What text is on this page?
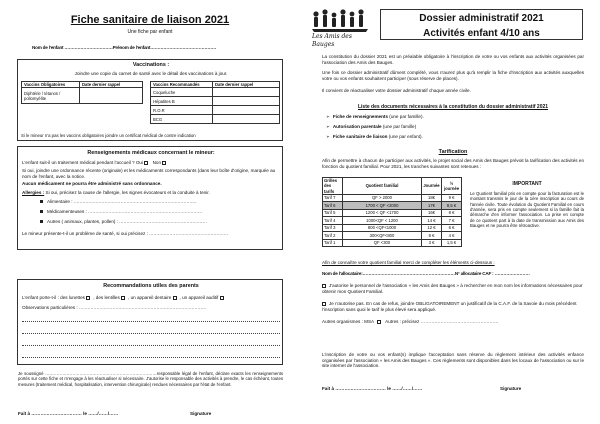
Fiche sanitaire de liaison 2021
Une fiche par enfant
Nom de l'enfant ……………………………Prénom de l'enfant………………………………………
Vaccinations :
Joindre une copie du carnet de santé avec le détail des vaccinations à jour.
Vaccins Obligatoires	Date dernier rappel
Diphtérie / tétanos / poliomyélite	
Vaccins Recommandés	Date dernier rappel
Coqueluche	
Hépatites B	
R.O.R	
BCG	
Si le mineur n'a pas les vaccins obligatoires joindre un certificat médical de contre indication
Renseignements médicaux concernant le mineur:
L'enfant suit-il un traitement médical pendant l'accueil ? Oui Non
Si oui, joindre une ordonnance récente (originale) et les médicaments correspondants (dans leur boîte d'origine, marquée au nom de l'enfant, avec la notice.
Aucun médicament ne pourra être administré sans ordonnance.
Allergies : Si oui, précisez la cause de l'allergie, les signes évocateurs et la conduite à tenir.
Alimentaire : …………………………………………………………………………
Médicamenteuses : ……………………………………………………………………
Autres ( animaux, plantes, pollen) : ……………………………………………………
Le mineur présente-t-il un problème de santé, si oui précisez : ………………………………………………
Recommandations utiles des parents
L'enfant porte-t-il : des lunettes , des lentilles , un appareil dentaire , un appareil auditif
Observations particulières : ……………………………………………………………………………
Je soussigné ……………………………………………………………………responsable légal de l'enfant, déclare exacts les renseignements portés sur cette fiche et m'engage à les réactualiser si nécessaire. J'autorise le responsable des activités à prendre, le cas échéant, toutes mesures (traitement médical, hospitalisation, intervention chirurgicale) rendues nécessaires par l'état de l'enfant.
Fait à …………………………… le ……/……/……	Signature
Les Amis des Bauges
Dossier administratif 2021
Activités enfant 4/10 ans
La constitution du dossier 2021 est un préalable obligatoire à l'inscription de votre ou vos enfants aux activités organisées par l'association des Amis des Bauges.
Une fois ce dossier administratif dûment complété, vous n'aurez plus qu'à remplir la fiche d'inscription aux activités auxquelles votre ou vos enfants souhaitent participer (sous réserve de places).
Il convient de réactualiser votre dossier administratif chaque année civile.
Liste des documents nécessaires à la constitution du dossier administratif 2021
➢ Fiche de renseignements (une par famille).
➢ Autorisation parentale (une par famille)
➢ Fiche sanitaire de liaison (une par enfant).
Tarification
Afin de permettre à chacun de participer aux activités, le projet social des Amis des Bauges prévoit la tarification des activités en fonction du quotient familial. Pour 2021, les tranches suivantes sont retenues :
Grilles des tarifs	Quotient familial	Journée	½ journée
Tarif 7	QF > 2000	18€	9 €
Tarif 6	1700 < QF <2000	17€	8,5 €
Tarif 5	1200 < QF <1700	16€	8 €
Tarif 4	1000<QF < 1200	14 €	7 €
Tarif 3	800 <QF<1000	12 €	6 €
Tarif 2	300<QF<800	8 €	4 €
Tarif 1	QF <300	3 €	1,5 €
IMPORTANT
Le Quotient familial pris en compte pour la facturation est le montant transmis le jour de la 1ère inscription au cours de l'année civile. Toute évolution du Quotient Familial en cours d'année, sera pris en compte seulement si la famille fait la démarche d'en informer l'association. La prise en compte de ce quotient part à la date de transmission aux Amis des Bauges et ne pourra être rétroactive.
Afin de connaître votre quotient familial merci de compléter les éléments ci-dessous :
Nom de l'allocataire:………………………………………………………N° allocataire CAF : ……………………
J'autorise le personnel de l'association « les Amis des Bauges » à rechercher en mon nom les informations nécessaires pour obtenir mon Quotient Familial.
Je n'autorise pas. En cas de refus, joindre OBLIGATOIREMENT un justificatif de la C.A.F. de la Savoie du mois précédent l'inscription sans quoi le tarif le plus élevé sera appliqué.
Autres organismes : MSA Autres : précisez ……………………………………………
L'inscription de votre ou vos enfant(s) implique l'acceptation sans réserve du règlement intérieur des activités enfance organisées par l'association « les Amis des Bauges ». Ces règlements sont disponibles dans les locaux de l'association ou sur le site internet de l'association.
Fait à …………………………… le ……/……/……	Signature
